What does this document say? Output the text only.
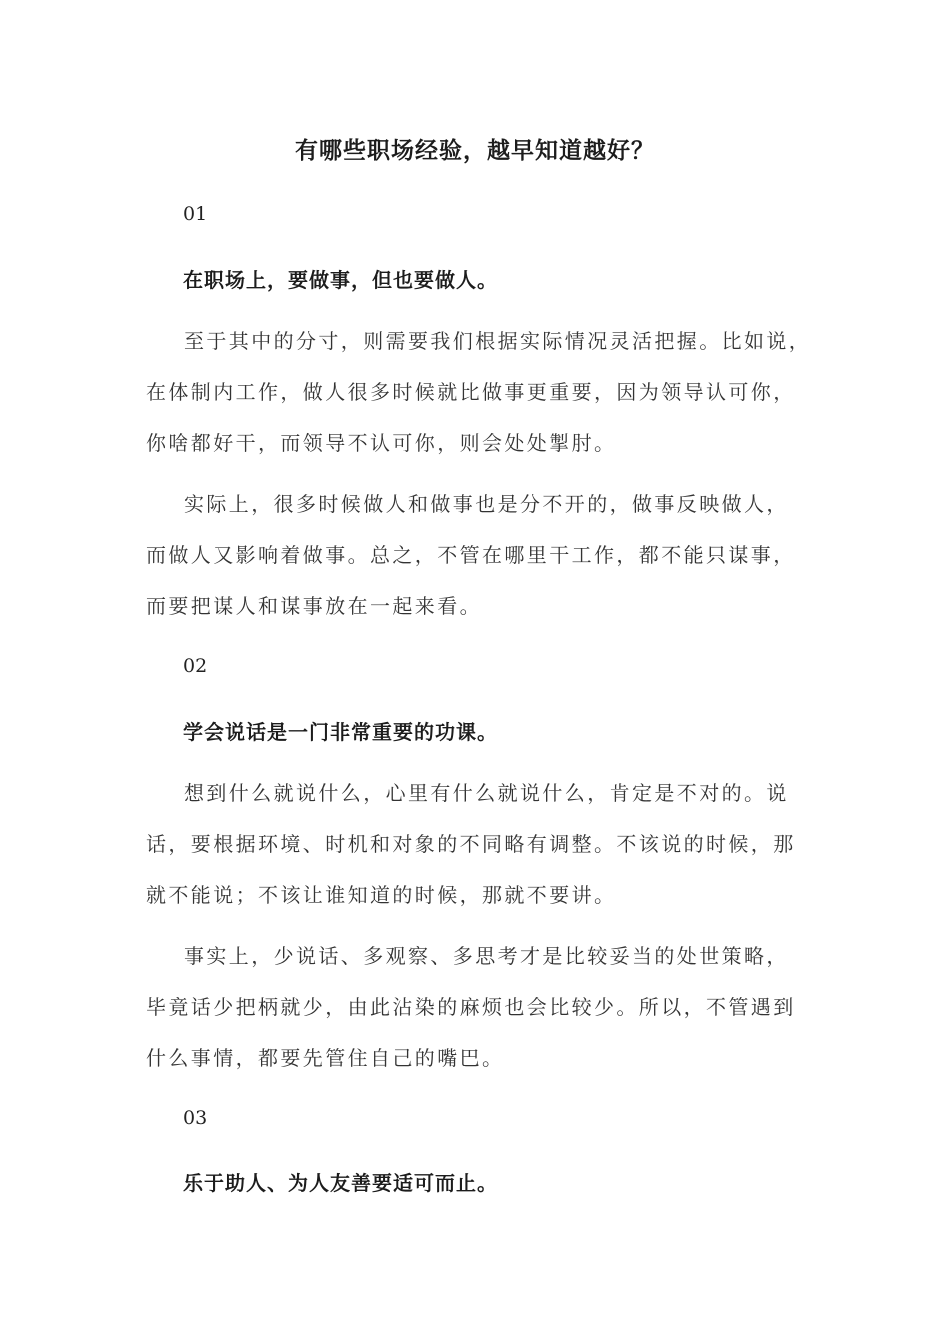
有哪些职场经验，越早知道越好？
01
在职场上，要做事，但也要做人。
至于其中的分寸，则需要我们根据实际情况灵活把握。比如说，
在体制内工作，做人很多时候就比做事更重要，因为领导认可你，
你啥都好干，而领导不认可你，则会处处掣肘。
实际上，很多时候做人和做事也是分不开的，做事反映做人，
而做人又影响着做事。总之，不管在哪里干工作，都不能只谋事，
而要把谋人和谋事放在一起来看。
02
学会说话是一门非常重要的功课。
想到什么就说什么，心里有什么就说什么，肯定是不对的。说
话，要根据环境、时机和对象的不同略有调整。不该说的时候，那
就不能说；不该让谁知道的时候，那就不要讲。
事实上，少说话、多观察、多思考才是比较妥当的处世策略，
毕竟话少把柄就少，由此沾染的麻烦也会比较少。所以，不管遇到
什么事情，都要先管住自己的嘴巴。
03
乐于助人、为人友善要适可而止。
